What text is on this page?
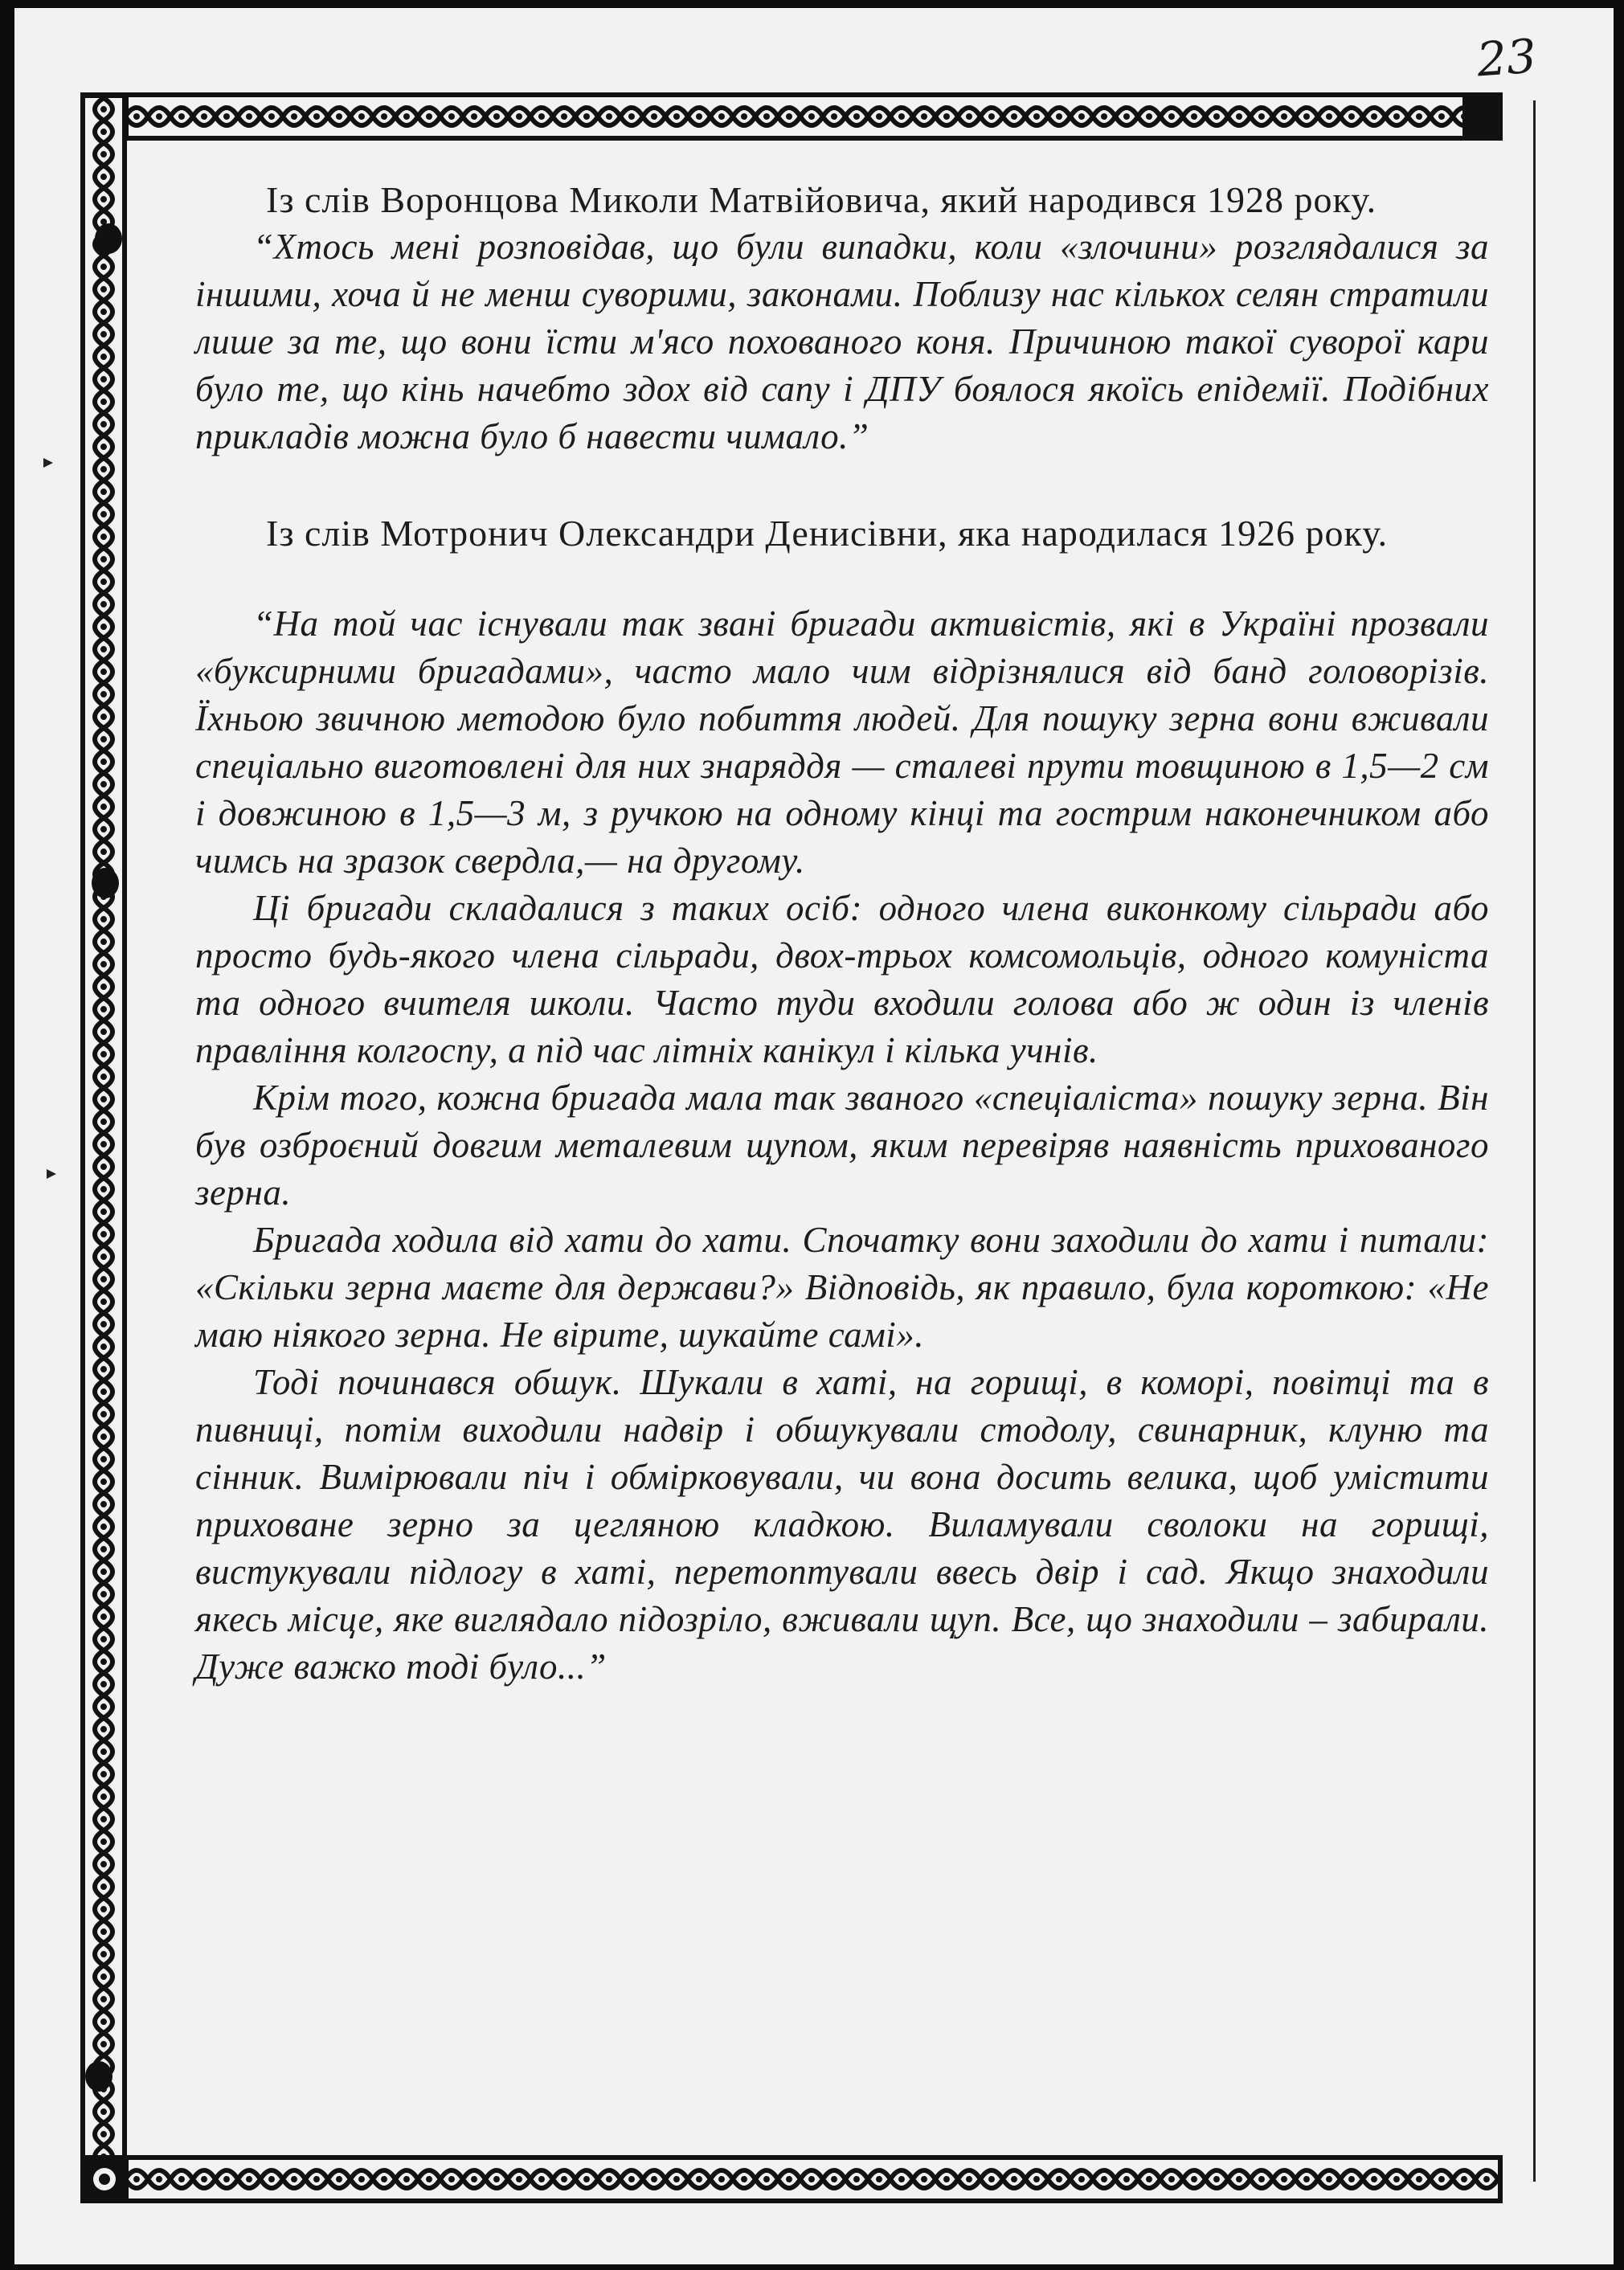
23

Із слів Воронцова Миколи Матвійовича, який народився 1928 року.

“Хтось мені розповідав, що були випадки, коли «злочини» розглядалися за іншими, хоча й не менш суворими, законами. Поблизу нас кількох селян стратили лише за те, що вони їсти м'ясо похованого коня. Причиною такої суворої кари було те, що кінь начебто здох від сапу і ДПУ боялося якоїсь епідемії. Подібних прикладів можна було б навести чимало.”

Із слів Мотронич Олександри Денисівни, яка народилася 1926 року.

“На той час існували так звані бригади активістів, які в Україні прозвали «буксирними бригадами», часто мало чим відрізнялися від банд головорізів. Їхньою звичною методою було побиття людей. Для пошуку зерна вони вживали спеціально виготовлені для них знаряддя — сталеві прути товщиною в 1,5—2 см і довжиною в 1,5—3 м, з ручкою на одному кінці та гострим наконечником або чимсь на зразок свердла,— на другому.

Ці бригади складалися з таких осіб: одного члена виконкому сільради або просто будь-якого члена сільради, двох-трьох комсомольців, одного комуніста та одного вчителя школи. Часто туди входили голова або ж один із членів правління колгоспу, а під час літніх канікул і кілька учнів.

Крім того, кожна бригада мала так званого «спеціаліста» пошуку зерна. Він був озброєний довгим металевим щупом, яким перевіряв наявність прихованого зерна.

Бригада ходила від хати до хати. Спочатку вони заходили до хати і питали: «Скільки зерна маєте для держави?» Відповідь, як правило, була короткою: «Не маю ніякого зерна. Не вірите, шукайте самі».

Тоді починався обшук. Шукали в хаті, на горищі, в коморі, повітці та в пивниці, потім виходили надвір і обшукували стодолу, свинарник, клуню та сінник. Вимірювали піч і обмірковували, чи вона досить велика, щоб умістити приховане зерно за цегляною кладкою. Виламували сволоки на горищі, вистукували підлогу в хаті, перетоптували ввесь двір і сад. Якщо знаходили якесь місце, яке виглядало підозріло, вживали щуп. Все, що знаходили – забирали. Дуже важко тоді було...”
